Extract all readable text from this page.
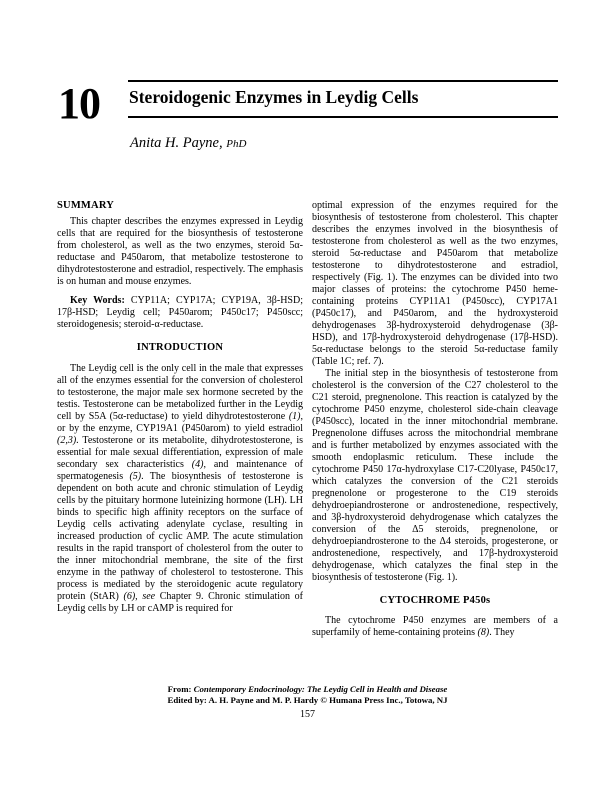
10 Steroidogenic Enzymes in Leydig Cells
Anita H. Payne, PhD
SUMMARY

This chapter describes the enzymes expressed in Leydig cells that are required for the biosynthesis of testosterone from cholesterol, as well as the two enzymes, steroid 5α-reductase and P450arom, that metabolize testosterone to dihydrotestosterone and estradiol, respectively. The emphasis is on human and mouse enzymes.

Key Words: CYP11A; CYP17A; CYP19A, 3β-HSD; 17β-HSD; Leydig cell; P450arom; P450c17; P450scc; steroidogenesis; steroid-α-reductase.

INTRODUCTION

The Leydig cell is the only cell in the male that expresses all of the enzymes essential for the conversion of cholesterol to testosterone, the major male sex hormone secreted by the testis. Testosterone can be metabolized further in the Leydig cell by S5A (5α-reductase) to yield dihydrotestosterone (1), or by the enzyme, CYP19A1 (P450arom) to yield estradiol (2,3). Testosterone or its metabolite, dihydrotestosterone, is essential for male sexual differentiation, expression of male secondary sex characteristics (4), and maintenance of spermatogenesis (5). The biosynthesis of testosterone is dependent on both acute and chronic stimulation of Leydig cells by the pituitary hormone luteinizing hormone (LH). LH binds to specific high affinity receptors on the surface of Leydig cells activating adenylate cyclase, resulting in increased production of cyclic AMP. The acute stimulation results in the rapid transport of cholesterol from the outer to the inner mitochondrial membrane, the site of the first enzyme in the pathway of cholesterol to testosterone. This process is mediated by the steroidogenic acute regulatory protein (StAR) (6), see Chapter 9. Chronic stimulation of Leydig cells by LH or cAMP is required for

optimal expression of the enzymes required for the biosynthesis of testosterone from cholesterol. This chapter describes the enzymes involved in the biosynthesis of testosterone from cholesterol as well as the two enzymes, steroid 5α-reductase and P450arom that metabolize testosterone to dihydrotestosterone and estradiol, respectively (Fig. 1). The enzymes can be divided into two major classes of proteins: the cytochrome P450 heme-containing proteins CYP11A1 (P450scc), CYP17A1 (P450c17), and P450arom, and the hydroxysteroid dehydrogenases 3β-hydroxysteroid dehydrogenase (3β-HSD), and 17β-hydroxysteroid dehydrogenase (17β-HSD). 5α-reductase belongs to the steroid 5α-reductase family (Table 1C; ref. 7).

The initial step in the biosynthesis of testosterone from cholesterol is the conversion of the C27 cholesterol to the C21 steroid, pregnenolone. This reaction is catalyzed by the cytochrome P450 enzyme, cholesterol side-chain cleavage (P450scc), located in the inner mitochondrial membrane. Pregnenolone diffuses across the mitochondrial membrane and is further metabolized by enzymes associated with the smooth endoplasmic reticulum. These include the cytochrome P450 17α-hydroxylase C17-C20lyase, P450c17, which catalyzes the conversion of the C21 steroids pregnenolone or progesterone to the C19 steroids dehydroepiandrosterone or androstenedione, respectively, and 3β-hydroxysteroid dehydrogenase which catalyzes the conversion of the Δ5 steroids, pregnenolone, or dehydroepiandrosterone to the Δ4 steroids, progesterone, or androstenedione, respectively, and 17β-hydroxysteroid dehydrogenase, which catalyzes the final step in the biosynthesis of testosterone (Fig. 1).

CYTOCHROME P450s

The cytochrome P450 enzymes are members of a superfamily of heme-containing proteins (8). They

From: Contemporary Endocrinology: The Leydig Cell in Health and Disease
Edited by: A. H. Payne and M. P. Hardy © Humana Press Inc., Totowa, NJ
157
